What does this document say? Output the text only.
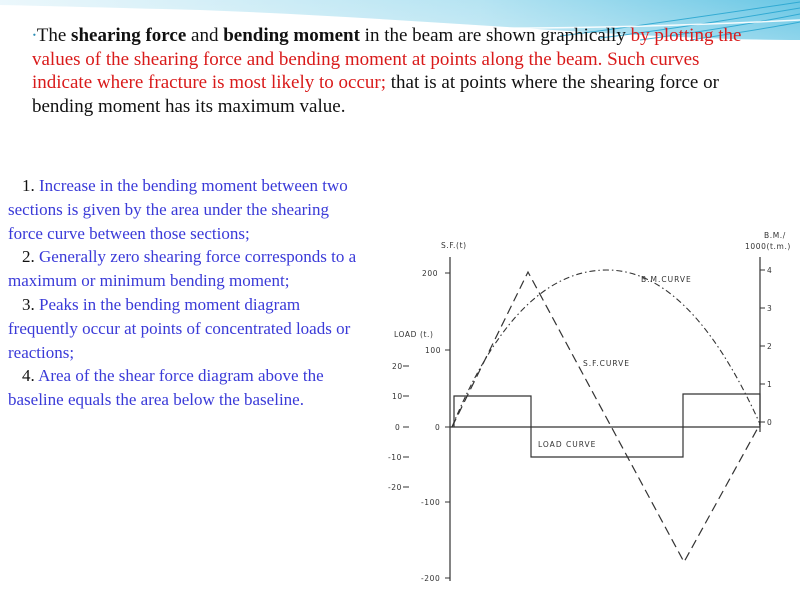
∙The shearing force and bending moment in the beam are shown graphically by plotting the values of the shearing force and bending moment at points along the beam. Such curves indicate where fracture is most likely to occur; that is at points where the shearing force or bending moment has its maximum value.

1. Increase in the bending moment between two sections is given by the area under the shearing force curve between those sections;

2. Generally zero shearing force corresponds to a maximum or minimum bending moment;

3. Peaks in the bending moment diagram frequently occur at points of concentrated loads or reactions;

4. Area of the shear force diagram above the baseline equals the area below the baseline.

S.F.(t)
B.M./
1000(t.m.)
LOAD (t.)
200
100
0
-100
-200
20
10
0
-10
-20
4
3
2
1
0
B.M.CURVE
S.F.CURVE
LOAD CURVE
